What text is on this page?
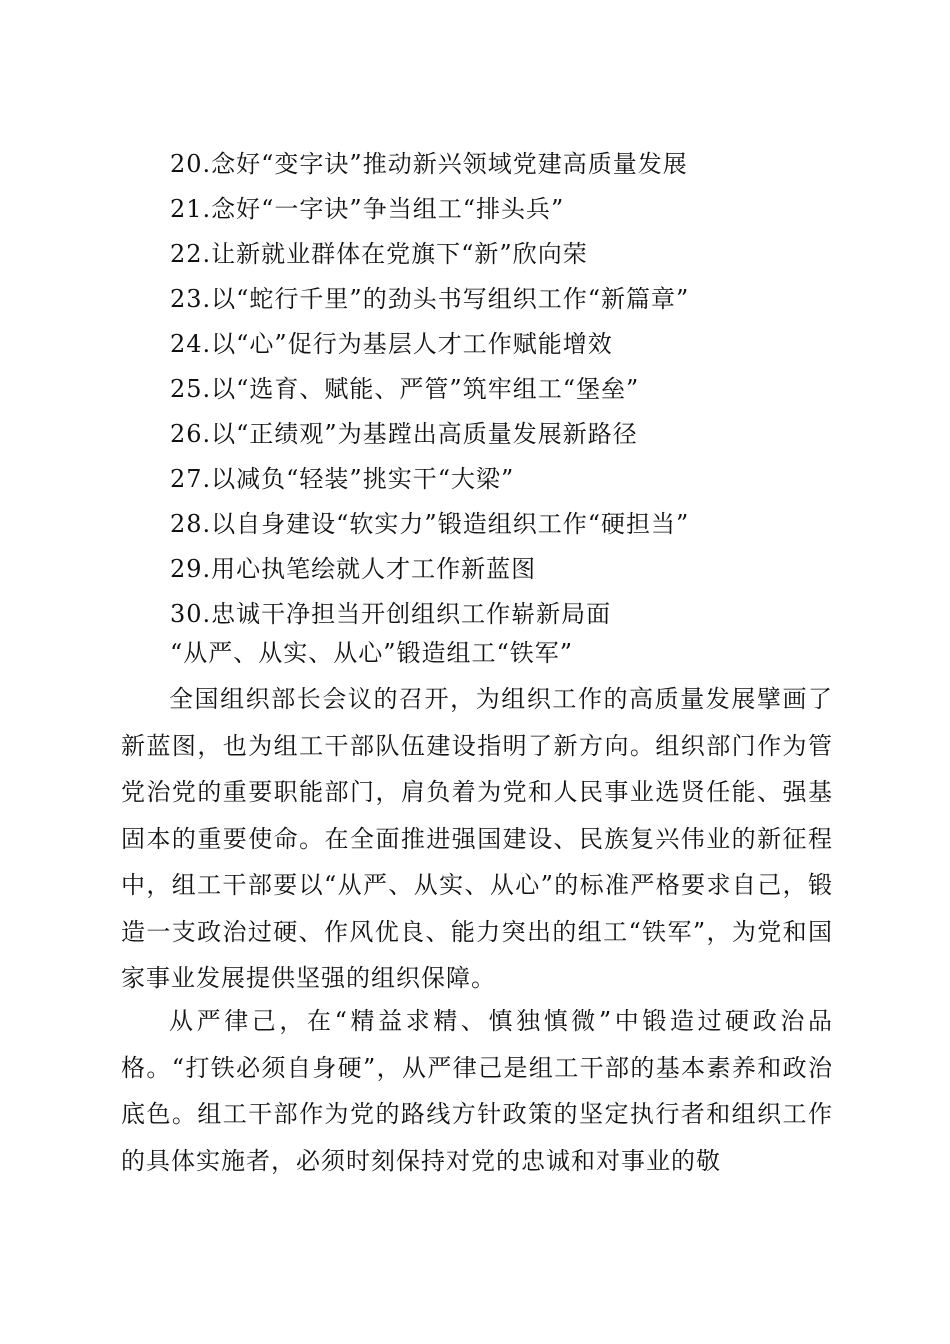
20.念好“变字诀”推动新兴领域党建高质量发展
21.念好“一字诀”争当组工“排头兵”
22.让新就业群体在党旗下“新”欣向荣
23.以“蛇行千里”的劲头书写组织工作“新篇章”
24.以“心”促行为基层人才工作赋能增效
25.以“选育、赋能、严管”筑牢组工“堡垒”
26.以“正绩观”为基蹚出高质量发展新路径
27.以减负“轻装”挑实干“大梁”
28.以自身建设“软实力”锻造组织工作“硬担当”
29.用心执笔绘就人才工作新蓝图
30.忠诚干净担当开创组织工作崭新局面
“从严、从实、从心”锻造组工“铁军”

全国组织部长会议的召开，为组织工作的高质量发展擘画了新蓝图，也为组工干部队伍建设指明了新方向。组织部门作为管党治党的重要职能部门，肩负着为党和人民事业选贤任能、强基固本的重要使命。在全面推进强国建设、民族复兴伟业的新征程中，组工干部要以“从严、从实、从心”的标准严格要求自己，锻造一支政治过硬、作风优良、能力突出的组工“铁军”，为党和国家事业发展提供坚强的组织保障。

从严律己，在“精益求精、慎独慎微”中锻造过硬政治品格。“打铁必须自身硬”，从严律己是组工干部的基本素养和政治底色。组工干部作为党的路线方针政策的坚定执行者和组织工作的具体实施者，必须时刻保持对党的忠诚和对事业的敬
